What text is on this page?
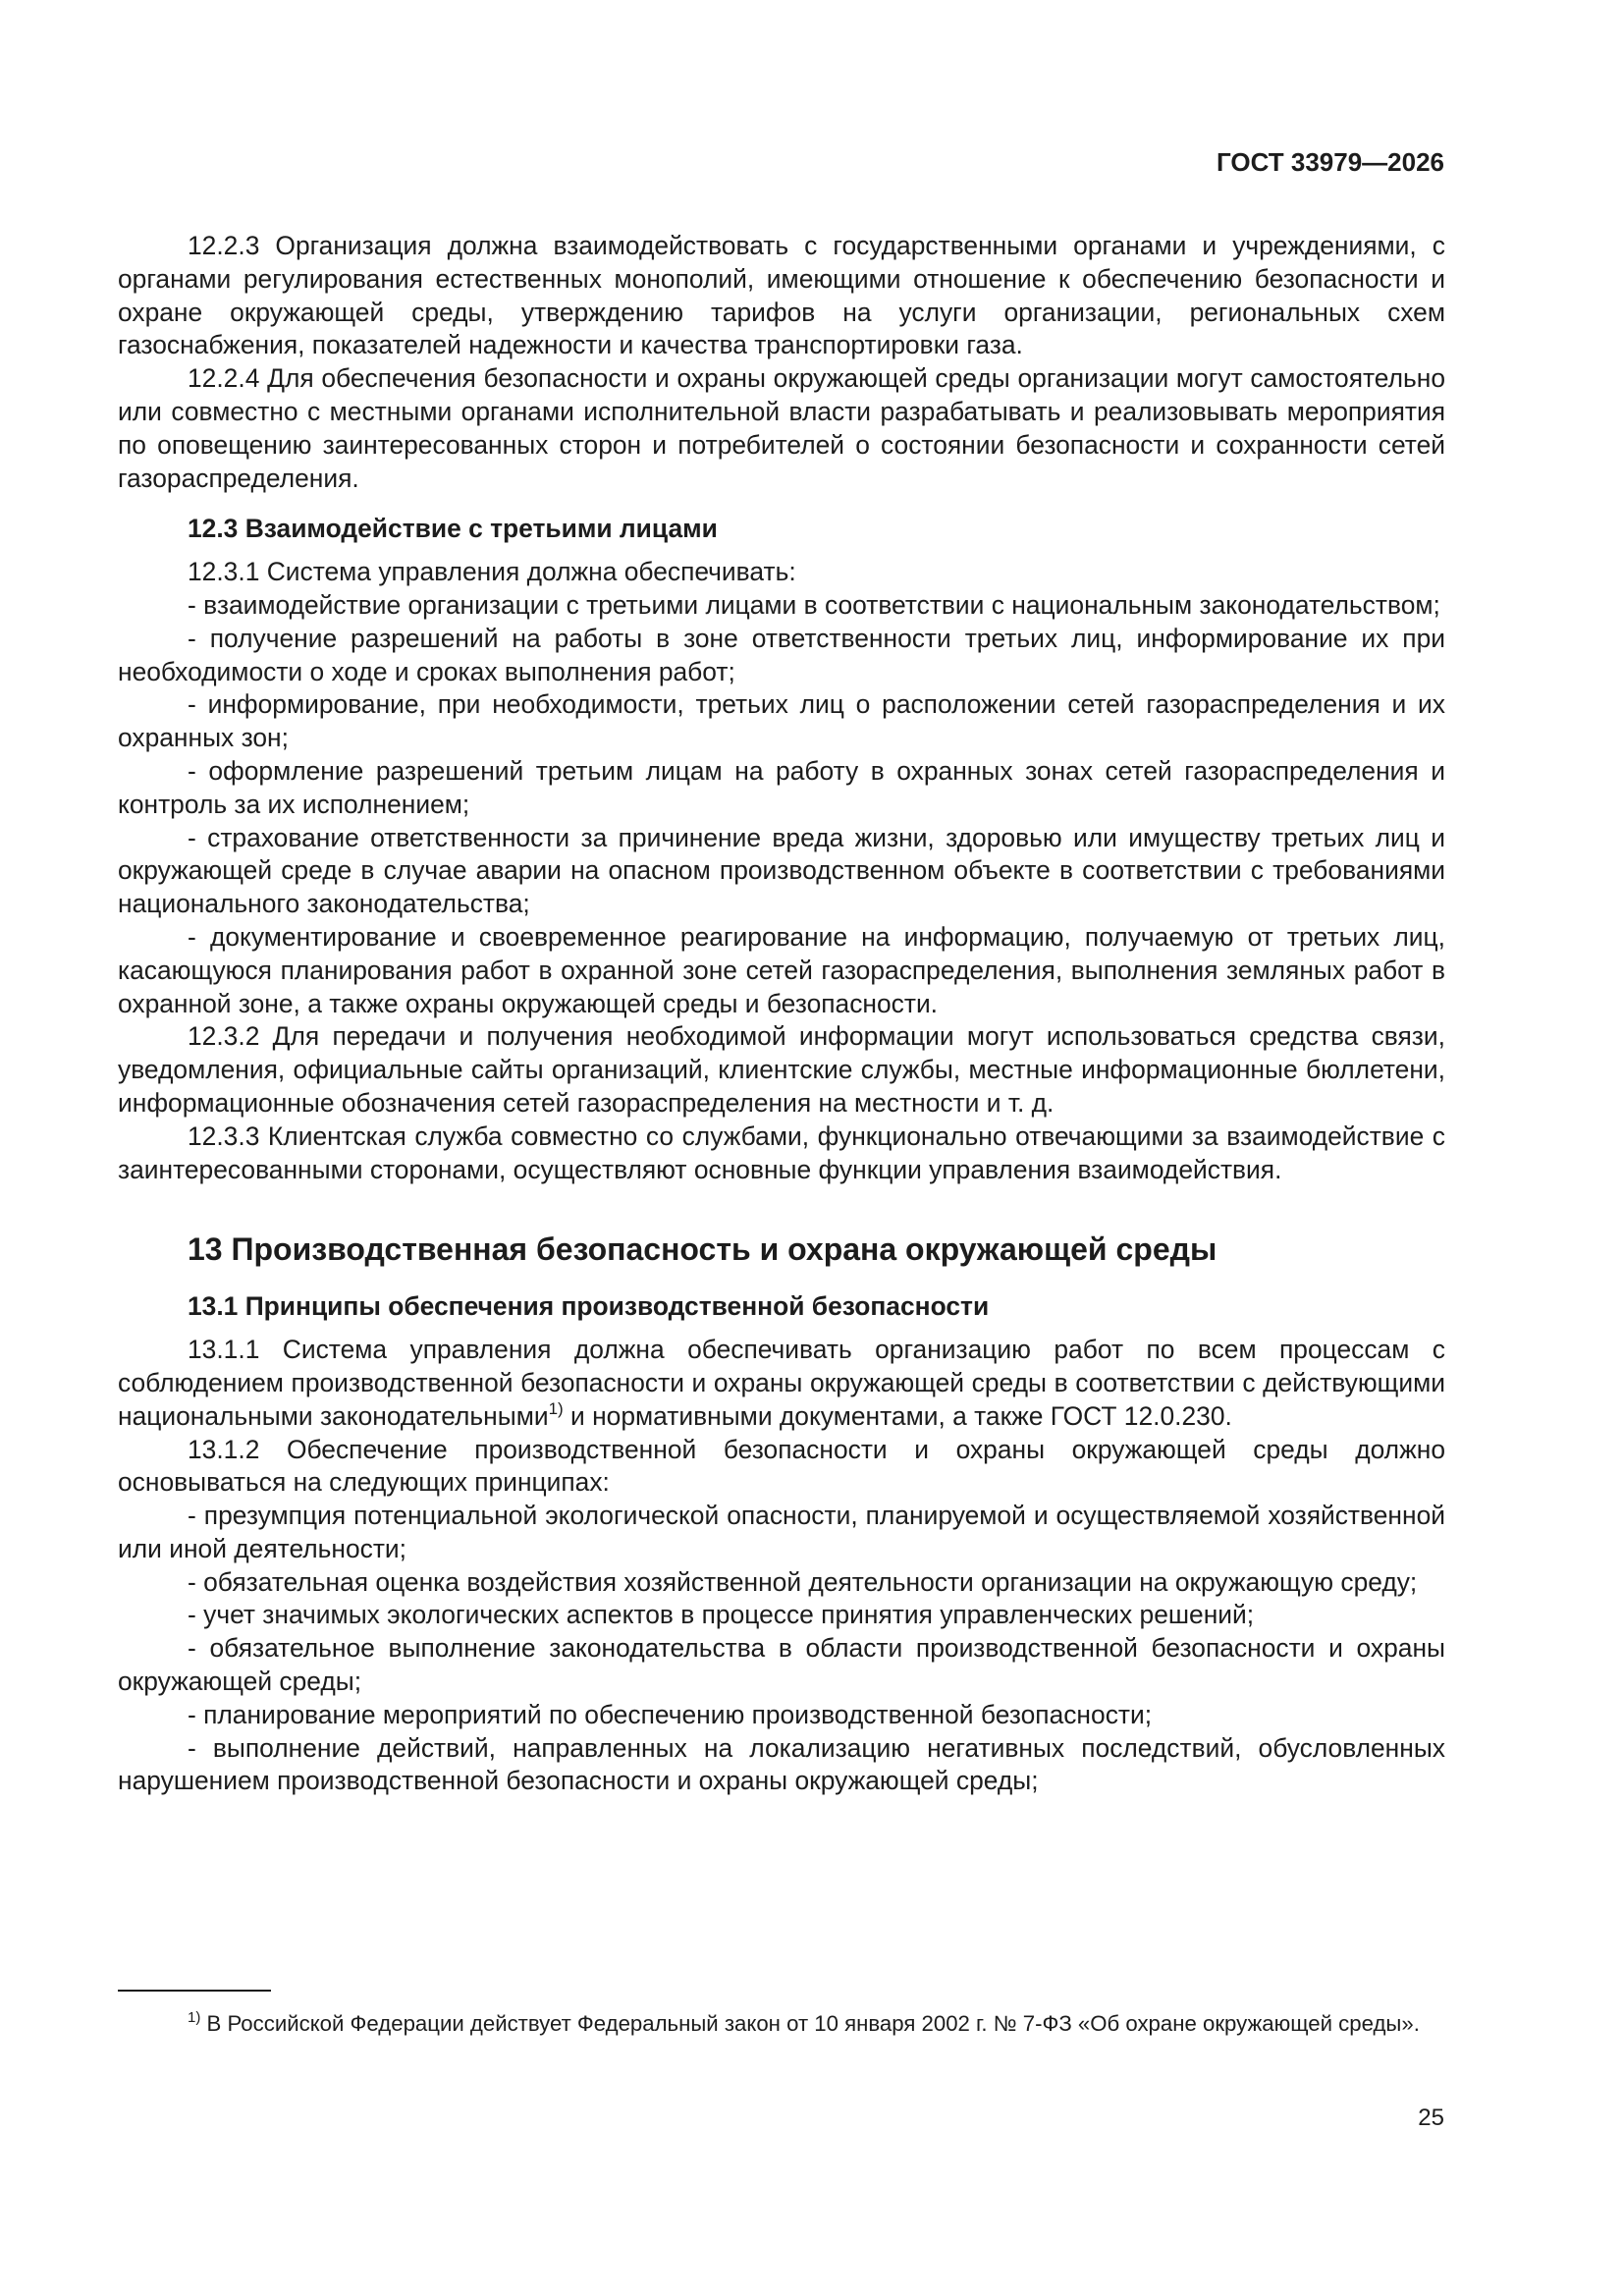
ГОСТ 33979—2026

12.2.3 Организация должна взаимодействовать с государственными органами и учреждениями, с органами регулирования естественных монополий, имеющими отношение к обеспечению безопасности и охране окружающей среды, утверждению тарифов на услуги организации, региональных схем газоснабжения, показателей надежности и качества транспортировки газа.

12.2.4 Для обеспечения безопасности и охраны окружающей среды организации могут самостоятельно или совместно с местными органами исполнительной власти разрабатывать и реализовывать мероприятия по оповещению заинтересованных сторон и потребителей о состоянии безопасности и сохранности сетей газораспределения.

12.3 Взаимодействие с третьими лицами

12.3.1 Система управления должна обеспечивать:

- взаимодействие организации с третьими лицами в соответствии с национальным законодательством;

- получение разрешений на работы в зоне ответственности третьих лиц, информирование их при необходимости о ходе и сроках выполнения работ;

- информирование, при необходимости, третьих лиц о расположении сетей газораспределения и их охранных зон;

- оформление разрешений третьим лицам на работу в охранных зонах сетей газораспределения и контроль за их исполнением;

- страхование ответственности за причинение вреда жизни, здоровью или имуществу третьих лиц и окружающей среде в случае аварии на опасном производственном объекте в соответствии с требованиями национального законодательства;

- документирование и своевременное реагирование на информацию, получаемую от третьих лиц, касающуюся планирования работ в охранной зоне сетей газораспределения, выполнения земляных работ в охранной зоне, а также охраны окружающей среды и безопасности.

12.3.2 Для передачи и получения необходимой информации могут использоваться средства связи, уведомления, официальные сайты организаций, клиентские службы, местные информационные бюллетени, информационные обозначения сетей газораспределения на местности и т. д.

12.3.3 Клиентская служба совместно со службами, функционально отвечающими за взаимодействие с заинтересованными сторонами, осуществляют основные функции управления взаимодействия.

13 Производственная безопасность и охрана окружающей среды

13.1 Принципы обеспечения производственной безопасности

13.1.1 Система управления должна обеспечивать организацию работ по всем процессам с соблюдением производственной безопасности и охраны окружающей среды в соответствии с действующими национальными законодательными$^{1)}$ и нормативными документами, а также ГОСТ 12.0.230.

13.1.2 Обеспечение производственной безопасности и охраны окружающей среды должно основываться на следующих принципах:

- презумпция потенциальной экологической опасности, планируемой и осуществляемой хозяйственной или иной деятельности;

- обязательная оценка воздействия хозяйственной деятельности организации на окружающую среду;

- учет значимых экологических аспектов в процессе принятия управленческих решений;

- обязательное выполнение законодательства в области производственной безопасности и охраны окружающей среды;

- планирование мероприятий по обеспечению производственной безопасности;

- выполнение действий, направленных на локализацию негативных последствий, обусловленных нарушением производственной безопасности и охраны окружающей среды;

$^{1)}$ В Российской Федерации действует Федеральный закон от 10 января 2002 г. № 7-ФЗ «Об охране окружающей среды».

25
